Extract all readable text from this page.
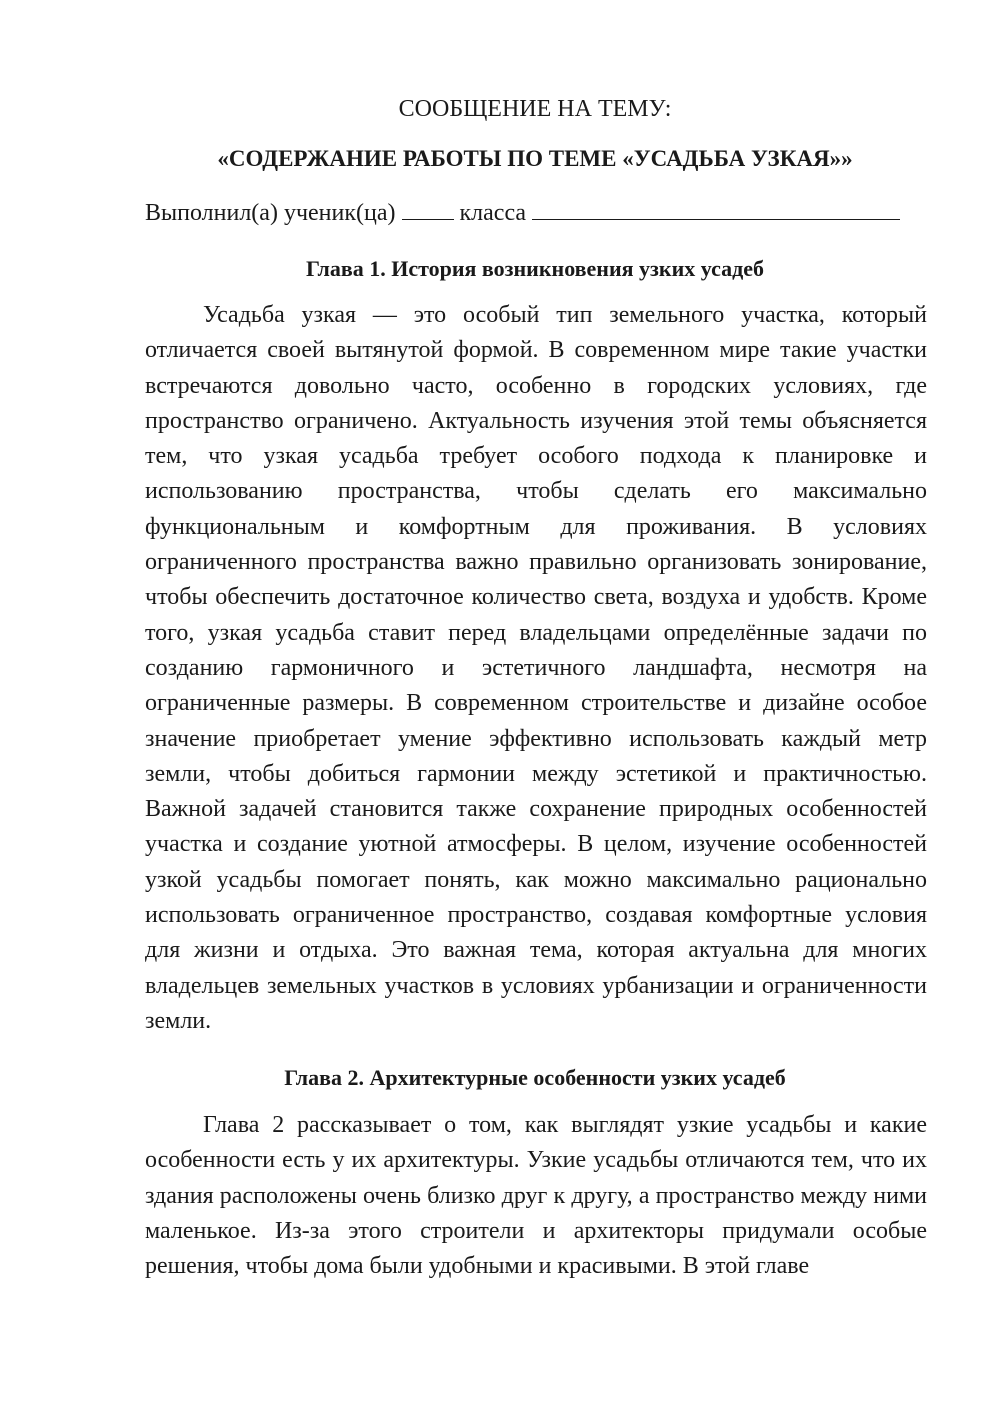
СООБЩЕНИЕ НА ТЕМУ:
«СОДЕРЖАНИЕ РАБОТЫ ПО ТЕМЕ «УСАДЬБА УЗКАЯ»»
Выполнил(а) ученик(ца)	класса
Глава 1. История возникновения узких усадеб

Усадьба узкая — это особый тип земельного участка, который отличается своей вытянутой формой. В современном мире такие участки встречаются довольно часто, особенно в городских условиях, где пространство ограничено. Актуальность изучения этой темы объясняется тем, что узкая усадьба требует особого подхода к планировке и использованию пространства, чтобы сделать его максимально функциональным и комфортным для проживания. В условиях ограниченного пространства важно правильно организовать зонирование, чтобы обеспечить достаточное количество света, воздуха и удобств. Кроме того, узкая усадьба ставит перед владельцами определённые задачи по созданию гармоничного и эстетичного ландшафта, несмотря на ограниченные размеры. В современном строительстве и дизайне особое значение приобретает умение эффективно использовать каждый метр земли, чтобы добиться гармонии между эстетикой и практичностью. Важной задачей становится также сохранение природных особенностей участка и создание уютной атмосферы. В целом, изучение особенностей узкой усадьбы помогает понять, как можно максимально рационально использовать ограниченное пространство, создавая комфортные условия для жизни и отдыха. Это важная тема, которая актуальна для многих владельцев земельных участков в условиях урбанизации и ограниченности земли.

Глава 2. Архитектурные особенности узких усадеб

Глава 2 рассказывает о том, как выглядят узкие усадьбы и какие особенности есть у их архитектуры. Узкие усадьбы отличаются тем, что их здания расположены очень близко друг к другу, а пространство между ними маленькое. Из-за этого строители и архитекторы придумали особые решения, чтобы дома были удобными и красивыми. В этой главе
